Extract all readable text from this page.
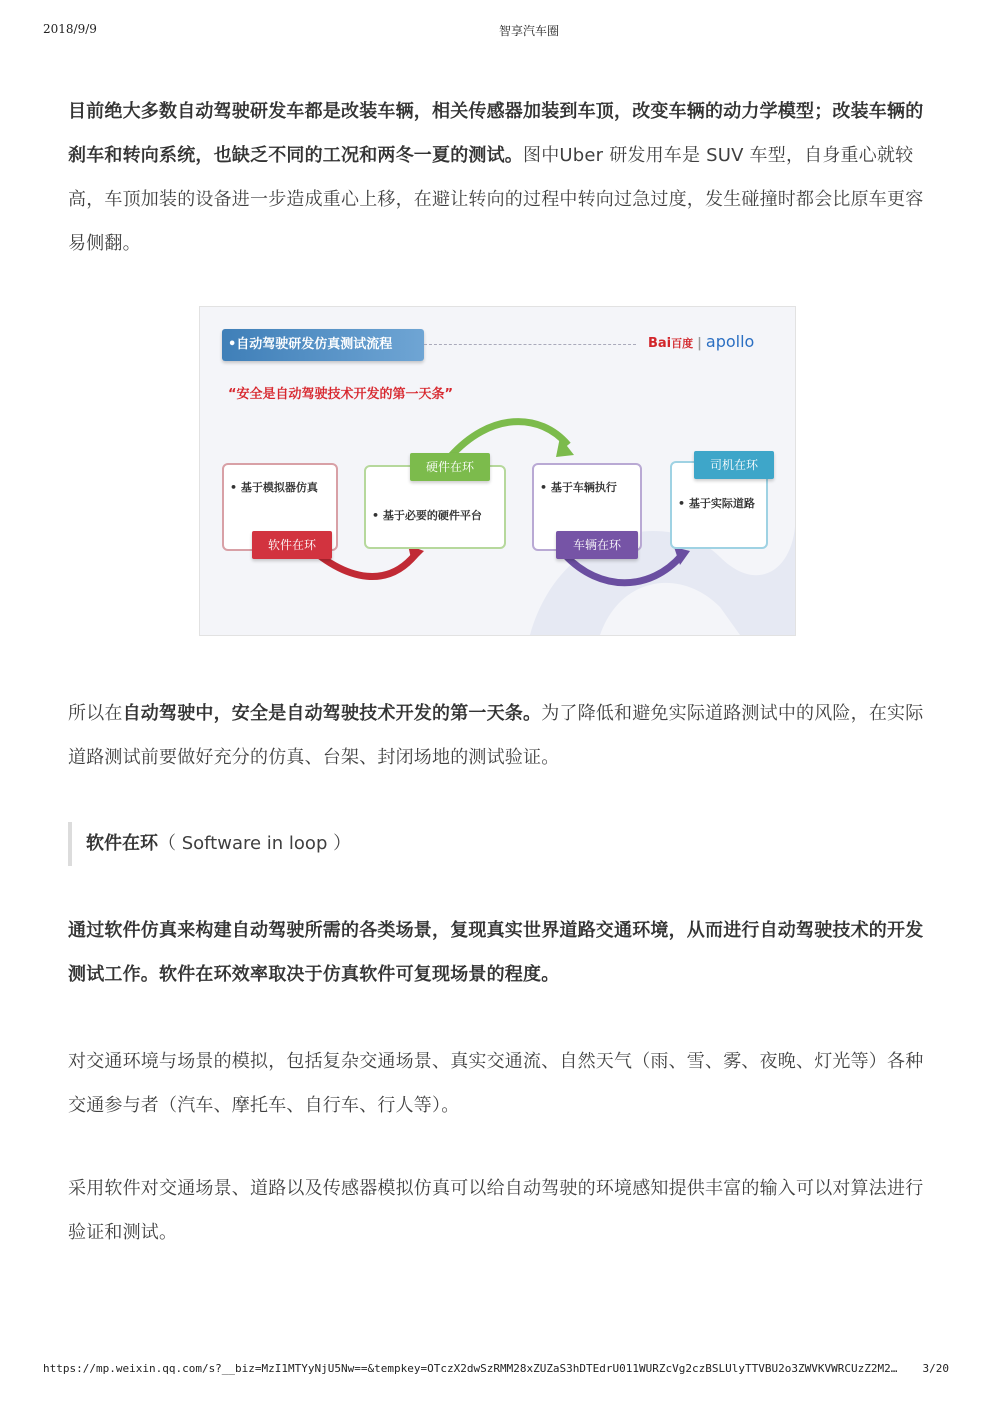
2018/9/9	智享汽车圈

目前绝大多数自动驾驶研发车都是改装车辆，相关传感器加装到车顶，改变车辆的动力学模型；改装车辆的刹车和转向系统，也缺乏不同的工况和两冬一夏的测试。图中Uber 研发用车是 SUV 车型，自身重心就较高，车顶加装的设备进一步造成重心上移，在避让转向的过程中转向过急过度，发生碰撞时都会比原车更容易侧翻。

•自动驾驶研发仿真测试流程	Bai百度 | apollo
“安全是自动驾驶技术开发的第一天条”
• 基于模拟器仿真
软件在环
硬件在环
• 基于必要的硬件平台
• 基于车辆执行
车辆在环
司机在环
• 基于实际道路

所以在自动驾驶中，安全是自动驾驶技术开发的第一天条。为了降低和避免实际道路测试中的风险，在实际道路测试前要做好充分的仿真、台架、封闭场地的测试验证。

软件在环（ Software in loop ）

通过软件仿真来构建自动驾驶所需的各类场景，复现真实世界道路交通环境，从而进行自动驾驶技术的开发测试工作。软件在环效率取决于仿真软件可复现场景的程度。

对交通环境与场景的模拟，包括复杂交通场景、真实交通流、自然天气（雨、雪、雾、夜晚、灯光等）各种交通参与者（汽车、摩托车、自行车、行人等）。

采用软件对交通场景、道路以及传感器模拟仿真可以给自动驾驶的环境感知提供丰富的输入可以对算法进行验证和测试。

https://mp.weixin.qq.com/s?__biz=MzI1MTYyNjU5Nw==&tempkey=OTczX2dwSzRMM28xZUZaS3hDTEdrU011WURZcVg2czBSLUlyTTVBU2o3ZWVKVWRCUzZ2M2…	3/20
